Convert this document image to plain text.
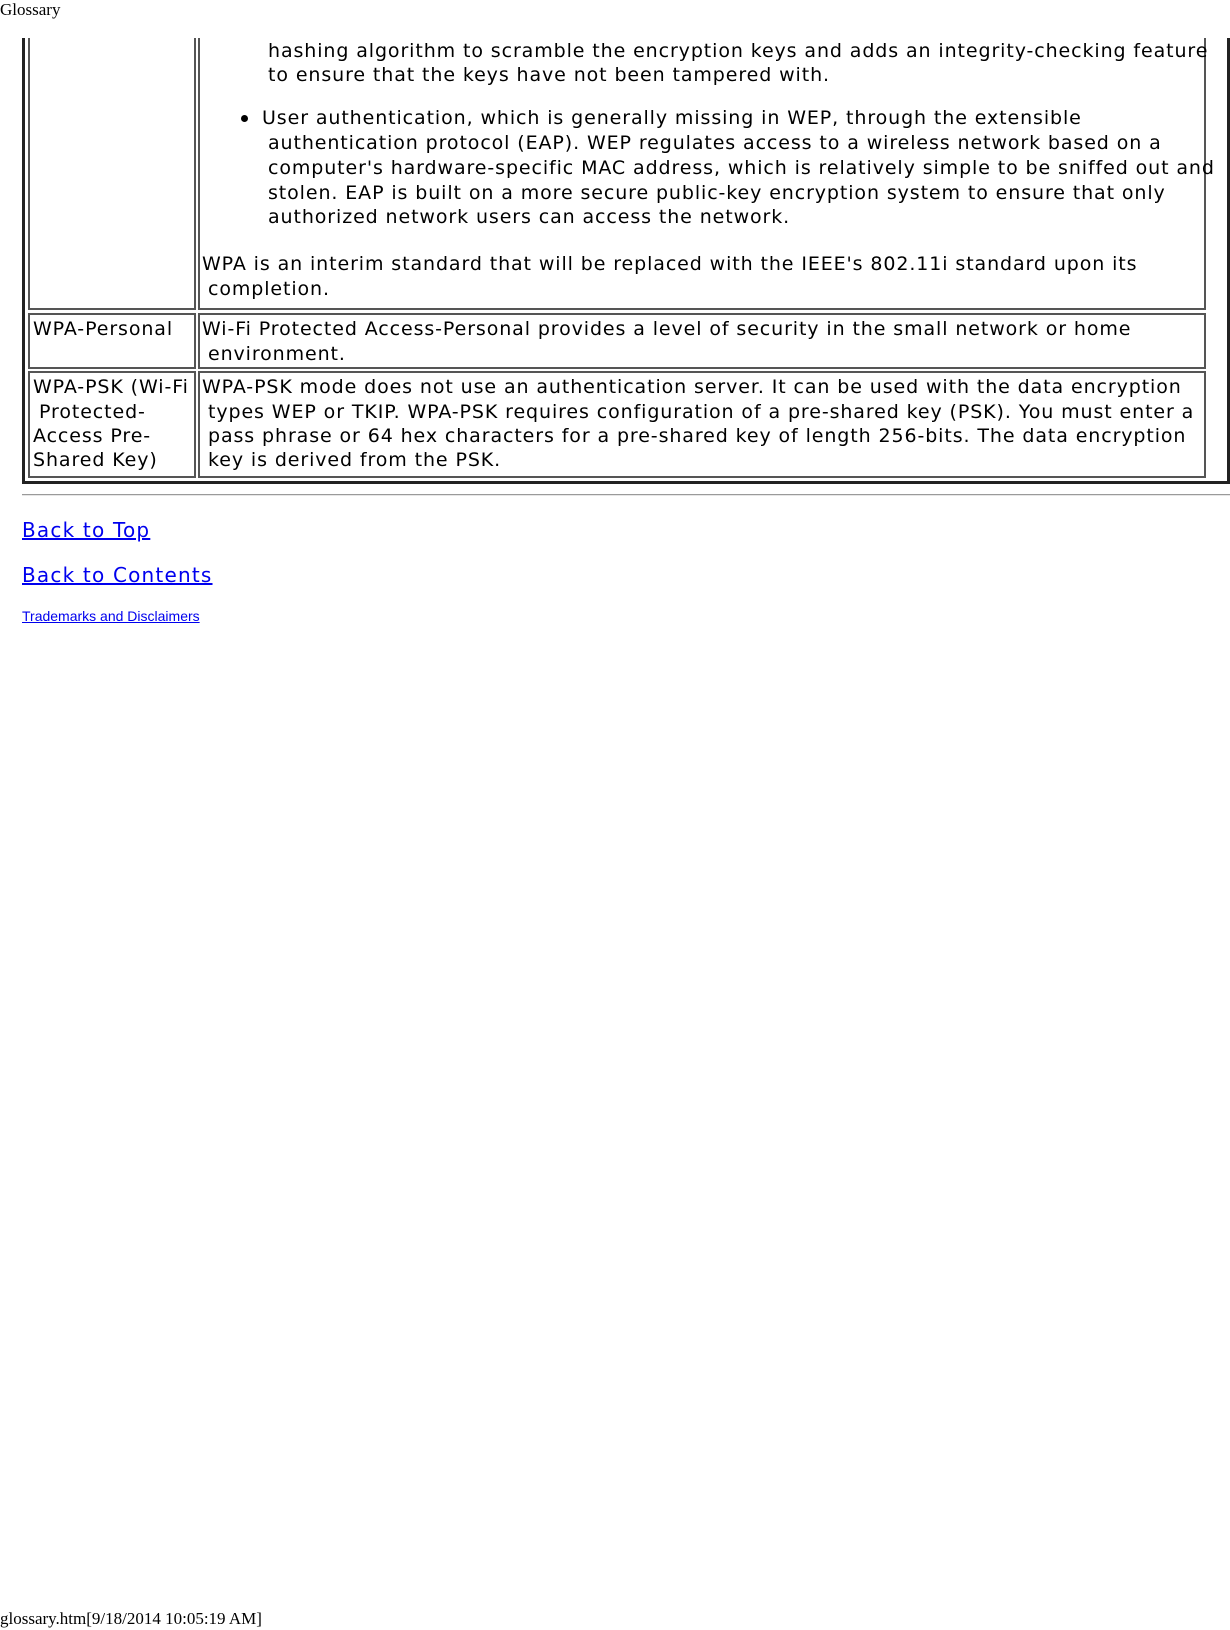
Glossary
hashing algorithm to scramble the encryption keys and adds an integrity-checking feature
to ensure that the keys have not been tampered with.
User authentication, which is generally missing in WEP, through the extensible
authentication protocol (EAP). WEP regulates access to a wireless network based on a
computer's hardware-specific MAC address, which is relatively simple to be sniffed out and
stolen. EAP is built on a more secure public-key encryption system to ensure that only
authorized network users can access the network.
WPA is an interim standard that will be replaced with the IEEE's 802.11i standard upon its
completion.
WPA-Personal Wi-Fi Protected Access-Personal provides a level of security in the small network or home
environment.
WPA-PSK (Wi-Fi
Protected-
Access Pre-
Shared Key)
WPA-PSK mode does not use an authentication server. It can be used with the data encryption
types WEP or TKIP. WPA-PSK requires configuration of a pre-shared key (PSK). You must enter a
pass phrase or 64 hex characters for a pre-shared key of length 256-bits. The data encryption
key is derived from the PSK.
Back to Top
Back to Contents
Trademarks and Disclaimers
glossary.htm[9/18/2014 10:05:19 AM]
